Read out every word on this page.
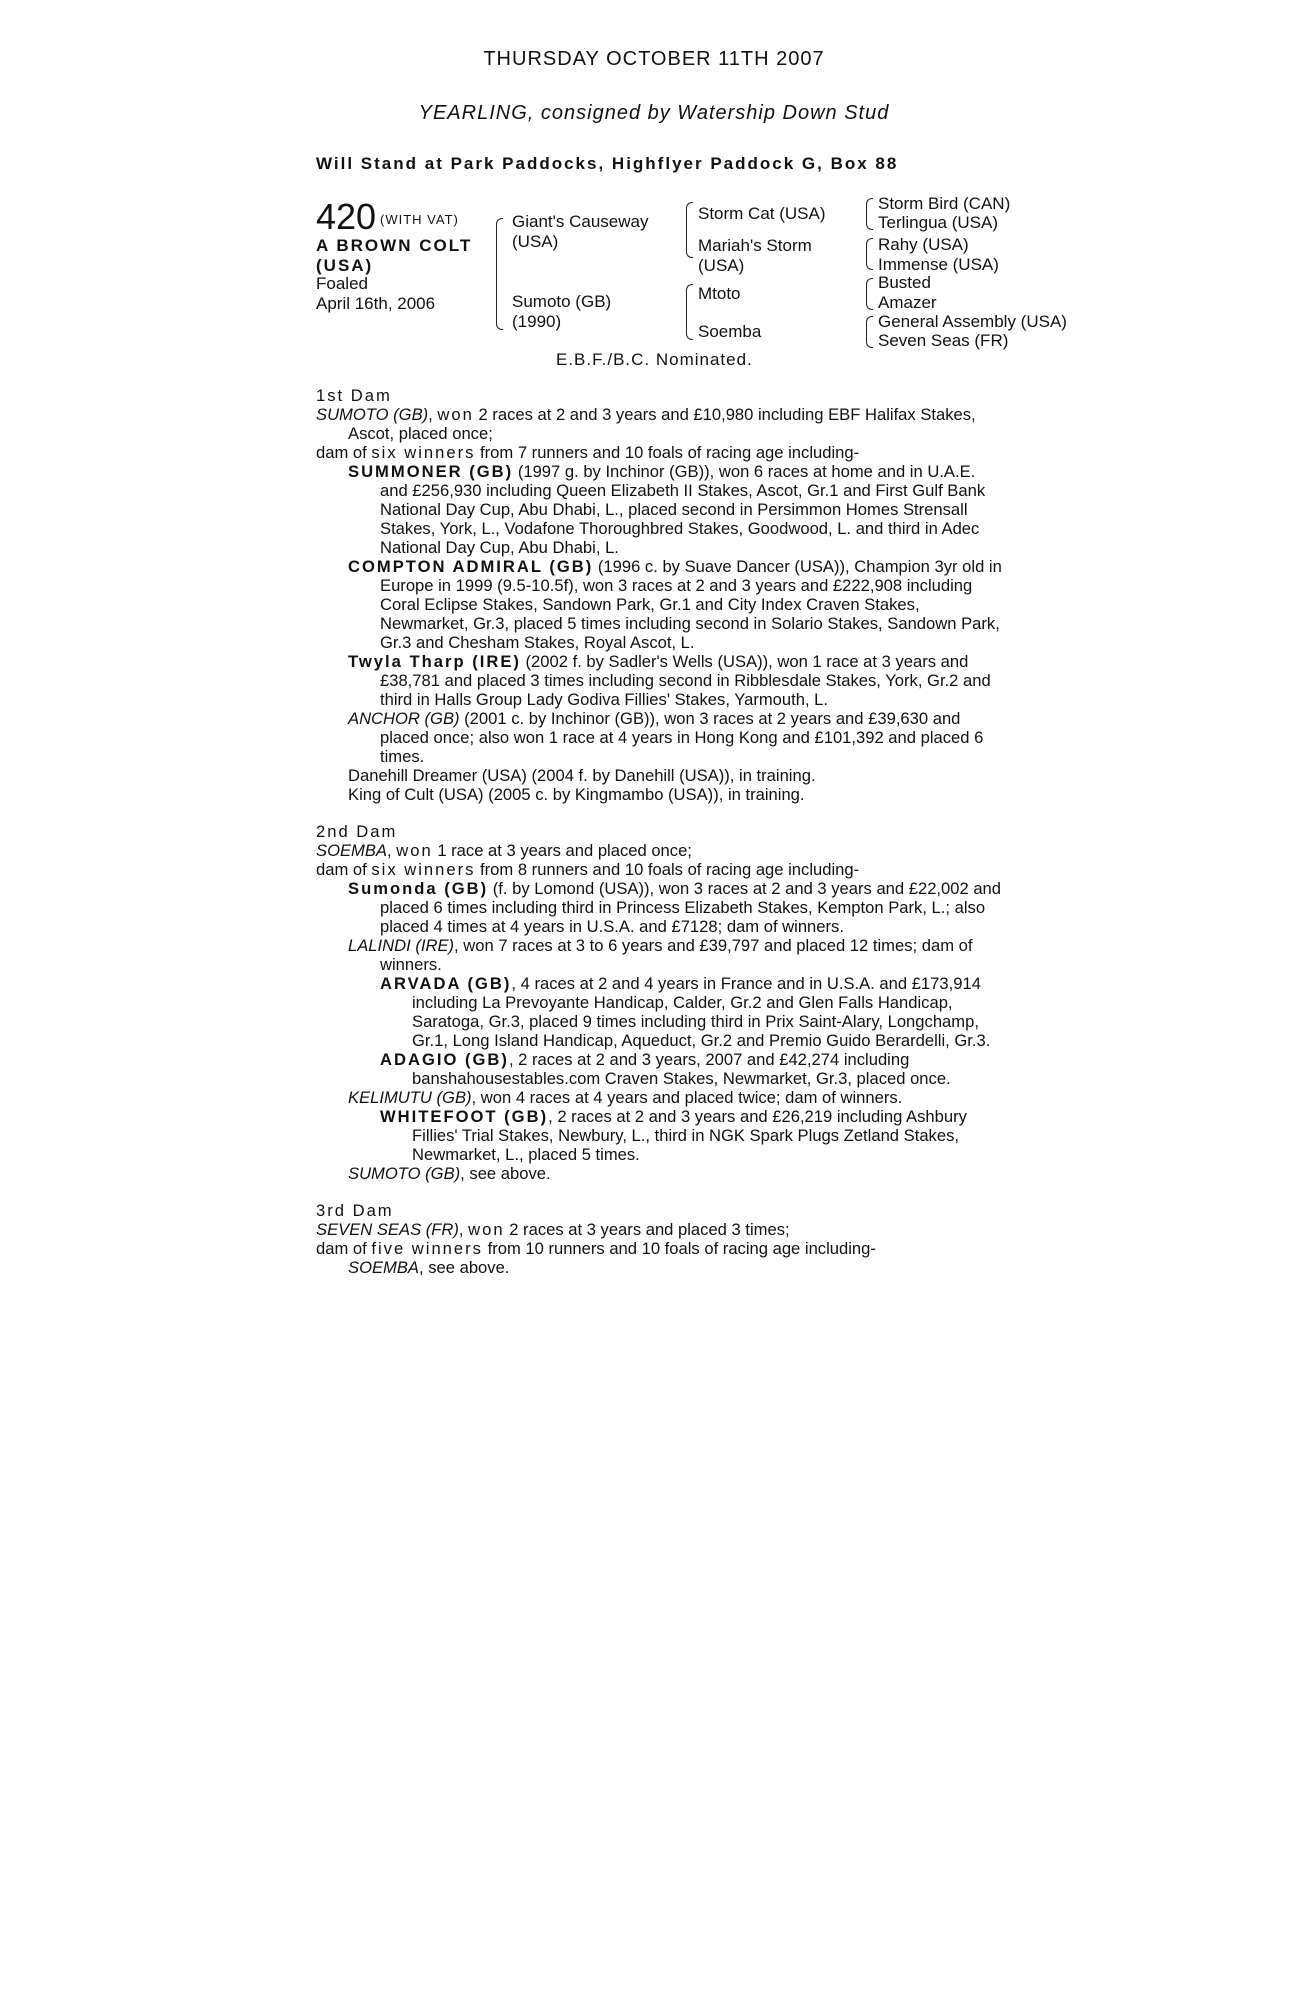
THURSDAY OCTOBER 11TH 2007
YEARLING, consigned by Watership Down Stud
Will Stand at Park Paddocks, Highflyer Paddock G, Box 88
420 (WITH VAT)
A BROWN COLT
(USA)
Foaled
April 16th, 2006
Giant's Causeway
(USA)
Sumoto (GB)
(1990)
Storm Cat (USA)
Mariah's Storm
(USA)
Mtoto
Soemba
Storm Bird (CAN)
Terlingua (USA)
Rahy (USA)
Immense (USA)
Busted
Amazer
General Assembly (USA)
Seven Seas (FR)
E.B.F./B.C. Nominated.

1st Dam

SUMOTO (GB), won 2 races at 2 and 3 years and £10,980 including EBF Halifax Stakes, Ascot, placed once;

dam of six winners from 7 runners and 10 foals of racing age including-

SUMMONER (GB) (1997 g. by Inchinor (GB)), won 6 races at home and in U.A.E. and £256,930 including Queen Elizabeth II Stakes, Ascot, Gr.1 and First Gulf Bank National Day Cup, Abu Dhabi, L., placed second in Persimmon Homes Strensall Stakes, York, L., Vodafone Thoroughbred Stakes, Goodwood, L. and third in Adec National Day Cup, Abu Dhabi, L.

COMPTON ADMIRAL (GB) (1996 c. by Suave Dancer (USA)), Champion 3yr old in Europe in 1999 (9.5-10.5f), won 3 races at 2 and 3 years and £222,908 including Coral Eclipse Stakes, Sandown Park, Gr.1 and City Index Craven Stakes, Newmarket, Gr.3, placed 5 times including second in Solario Stakes, Sandown Park, Gr.3 and Chesham Stakes, Royal Ascot, L.

Twyla Tharp (IRE) (2002 f. by Sadler's Wells (USA)), won 1 race at 3 years and £38,781 and placed 3 times including second in Ribblesdale Stakes, York, Gr.2 and third in Halls Group Lady Godiva Fillies' Stakes, Yarmouth, L.

ANCHOR (GB) (2001 c. by Inchinor (GB)), won 3 races at 2 years and £39,630 and placed once; also won 1 race at 4 years in Hong Kong and £101,392 and placed 6 times.

Danehill Dreamer (USA) (2004 f. by Danehill (USA)), in training.

King of Cult (USA) (2005 c. by Kingmambo (USA)), in training.

2nd Dam

SOEMBA, won 1 race at 3 years and placed once;

dam of six winners from 8 runners and 10 foals of racing age including-

Sumonda (GB) (f. by Lomond (USA)), won 3 races at 2 and 3 years and £22,002 and placed 6 times including third in Princess Elizabeth Stakes, Kempton Park, L.; also placed 4 times at 4 years in U.S.A. and £7128; dam of winners.

LALINDI (IRE), won 7 races at 3 to 6 years and £39,797 and placed 12 times; dam of winners.

ARVADA (GB), 4 races at 2 and 4 years in France and in U.S.A. and £173,914 including La Prevoyante Handicap, Calder, Gr.2 and Glen Falls Handicap, Saratoga, Gr.3, placed 9 times including third in Prix Saint-Alary, Longchamp, Gr.1, Long Island Handicap, Aqueduct, Gr.2 and Premio Guido Berardelli, Gr.3.

ADAGIO (GB), 2 races at 2 and 3 years, 2007 and £42,274 including banshahousestables.com Craven Stakes, Newmarket, Gr.3, placed once.

KELIMUTU (GB), won 4 races at 4 years and placed twice; dam of winners.

WHITEFOOT (GB), 2 races at 2 and 3 years and £26,219 including Ashbury Fillies' Trial Stakes, Newbury, L., third in NGK Spark Plugs Zetland Stakes, Newmarket, L., placed 5 times.

SUMOTO (GB), see above.

3rd Dam

SEVEN SEAS (FR), won 2 races at 3 years and placed 3 times;

dam of five winners from 10 runners and 10 foals of racing age including-

SOEMBA, see above.
